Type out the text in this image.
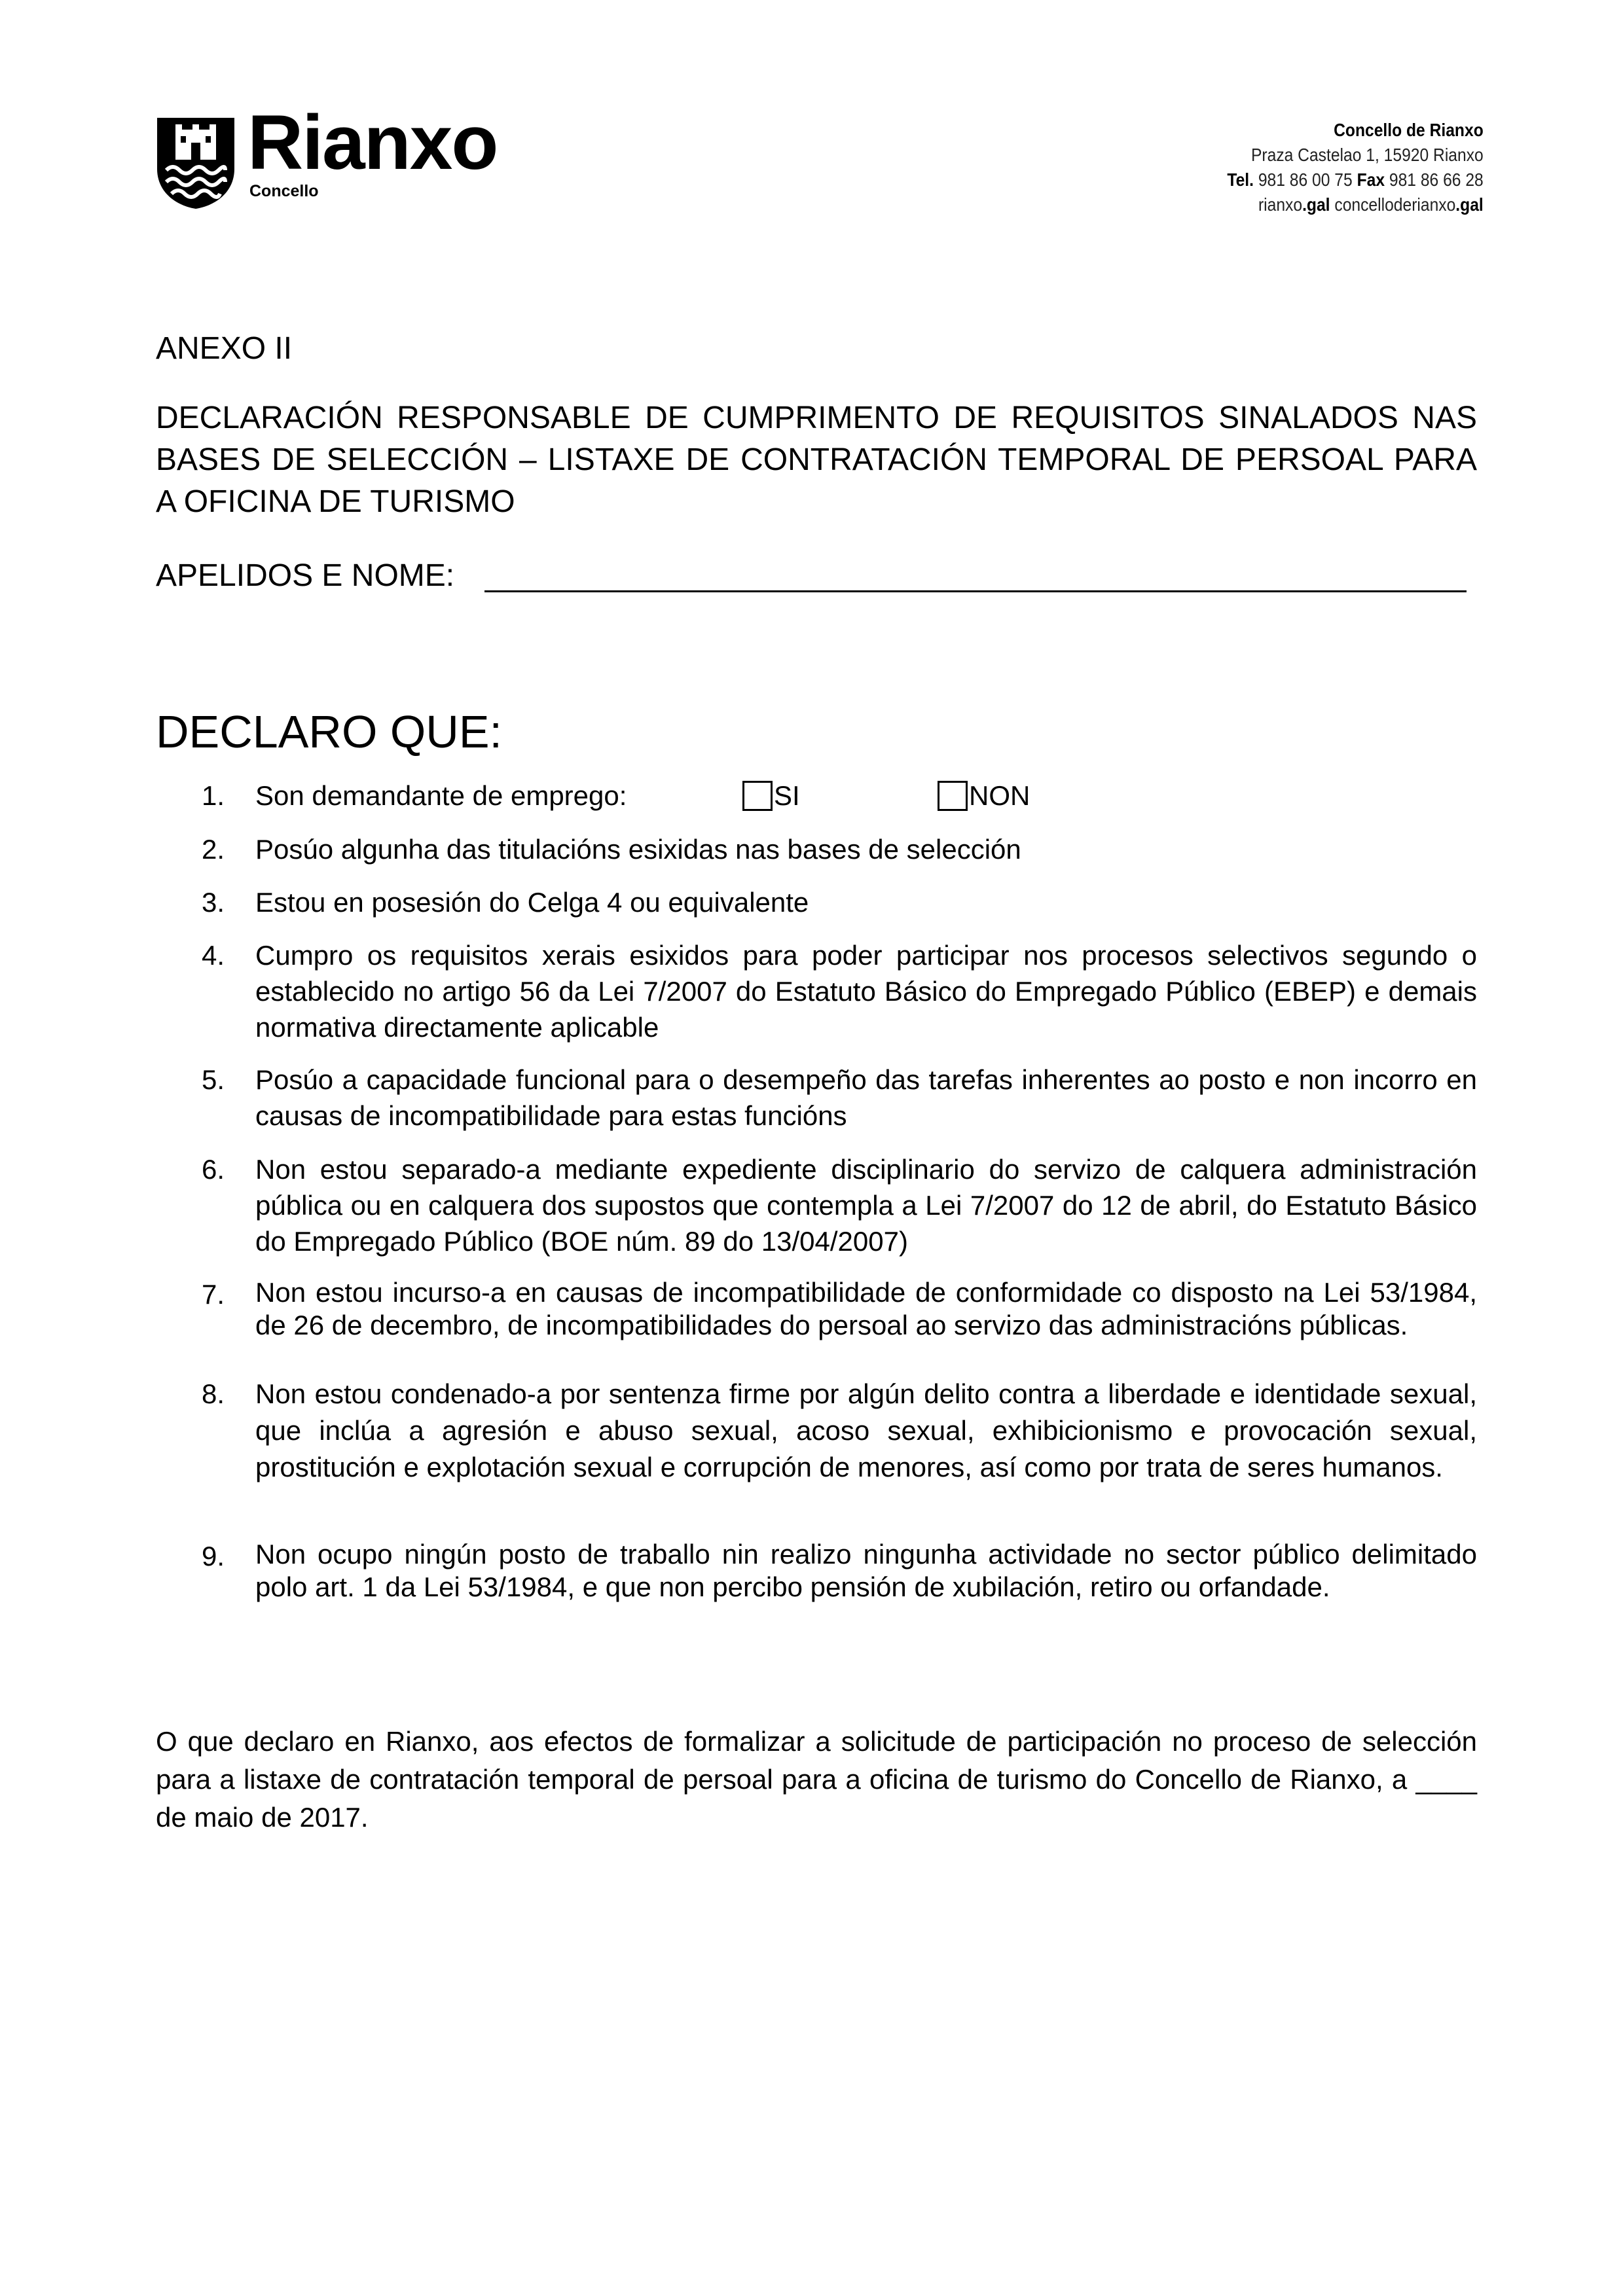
Rianxo
Concello
Concello de Rianxo
Praza Castelao 1, 15920 Rianxo
Tel. 981 86 00 75 Fax 981 86 66 28
rianxo.gal concelloderianxo.gal
ANEXO II
DECLARACIÓN RESPONSABLE DE CUMPRIMENTO DE REQUISITOS SINALADOS NAS BASES DE SELECCIÓN – LISTAXE DE CONTRATACIÓN TEMPORAL DE PERSOAL PARA A OFICINA DE TURISMO
APELIDOS E NOME:
DECLARO QUE:
1. Son demandante de emprego:	SI	NON
2. Posúo algunha das titulacións esixidas nas bases de selección
3. Estou en posesión do Celga 4 ou equivalente
4. Cumpro os requisitos xerais esixidos para poder participar nos procesos selectivos segundo o establecido no artigo 56 da Lei 7/2007 do Estatuto Básico do Empregado Público (EBEP) e demais normativa directamente aplicable
5. Posúo a capacidade funcional para o desempeño das tarefas inherentes ao posto e non incorro en causas de incompatibilidade para estas funcións
6. Non estou separado-a mediante expediente disciplinario do servizo de calquera administración pública ou en calquera dos supostos que contempla a Lei 7/2007 do 12 de abril, do Estatuto Básico do Empregado Público (BOE núm. 89 do 13/04/2007)
7. Non estou incurso-a en causas de incompatibilidade de conformidade co disposto na Lei 53/1984, de 26 de decembro, de incompatibilidades do persoal ao servizo das administracións públicas.
8. Non estou condenado-a por sentenza firme por algún delito contra a liberdade e identidade sexual, que inclúa a agresión e abuso sexual, acoso sexual, exhibicionismo e provocación sexual, prostitución e explotación sexual e corrupción de menores, así como por trata de seres humanos.
9. Non ocupo ningún posto de traballo nin realizo ningunha actividade no sector público delimitado polo art. 1 da Lei 53/1984, e que non percibo pensión de xubilación, retiro ou orfandade.
O que declaro en Rianxo, aos efectos de formalizar a solicitude de participación no proceso de selección para a listaxe de contratación temporal de persoal para a oficina de turismo do Concello de Rianxo, a ____ de maio de 2017.
